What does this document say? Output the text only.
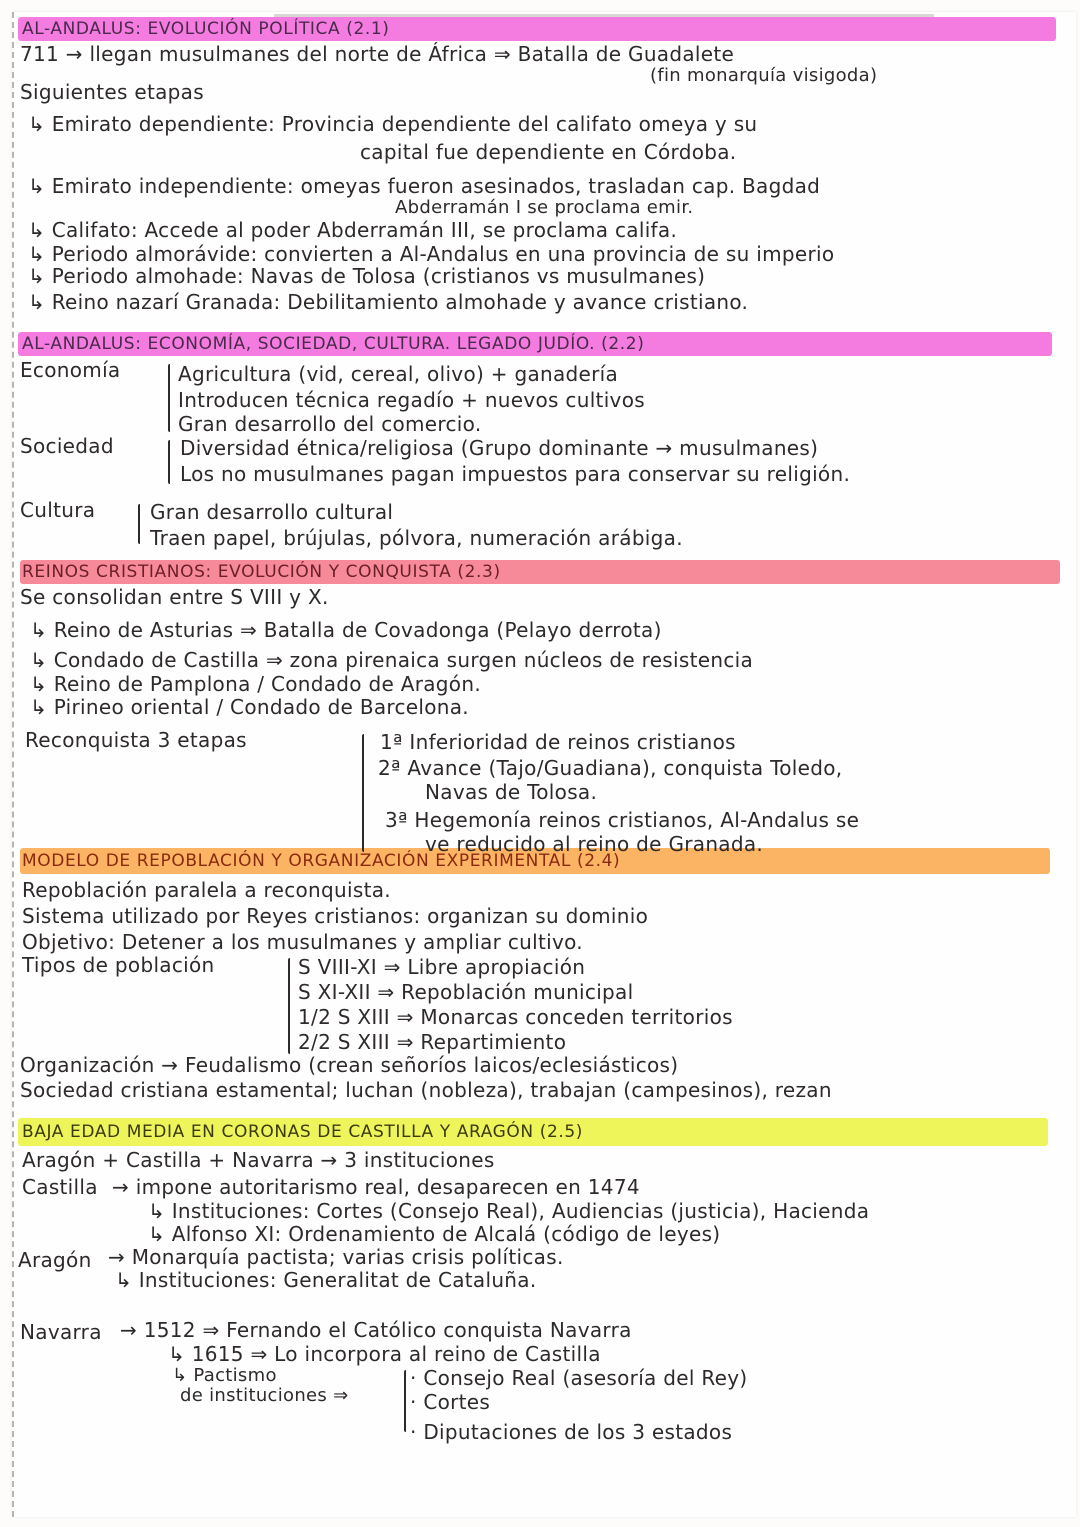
AL-ANDALUS: EVOLUCIÓN POLÍTICA (2.1)
711 → llegan musulmanes del norte de África ⇒ Batalla de Guadalete
(fin monarquía visigoda)
Siguientes etapas
↳ Emirato dependiente: Provincia dependiente del califato omeya y su
capital fue dependiente en Córdoba.
↳ Emirato independiente: omeyas fueron asesinados, trasladan cap. Bagdad
Abderramán I se proclama emir.
↳ Califato: Accede al poder Abderramán III, se proclama califa.
↳ Periodo almorávide: convierten a Al-Andalus en una provincia de su imperio
↳ Periodo almohade: Navas de Tolosa (cristianos vs musulmanes)
↳ Reino nazarí Granada: Debilitamiento almohade y avance cristiano.
AL-ANDALUS: ECONOMÍA, SOCIEDAD, CULTURA. LEGADO JUDÍO. (2.2)
Economía	Agricultura (vid, cereal, olivo) + ganadería
Introducen técnica regadío + nuevos cultivos
Gran desarrollo del comercio.
Sociedad	Diversidad étnica/religiosa (Grupo dominante → musulmanes)
Los no musulmanes pagan impuestos para conservar su religión.
Cultura	Gran desarrollo cultural
Traen papel, brújulas, pólvora, numeración arábiga.
REINOS CRISTIANOS: EVOLUCIÓN Y CONQUISTA (2.3)
Se consolidan entre S VIII y X.
↳ Reino de Asturias ⇒ Batalla de Covadonga (Pelayo derrota)
↳ Condado de Castilla ⇒ zona pirenaica surgen núcleos de resistencia
↳ Reino de Pamplona / Condado de Aragón.
↳ Pirineo oriental / Condado de Barcelona.
Reconquista 3 etapas	1ª Inferioridad de reinos cristianos
2ª Avance (Tajo/Guadiana), conquista Toledo,
Navas de Tolosa.
3ª Hegemonía reinos cristianos, Al-Andalus se
ve reducido al reino de Granada.
MODELO DE REPOBLACIÓN Y ORGANIZACIÓN EXPERIMENTAL (2.4)
Repoblación paralela a reconquista.
Sistema utilizado por Reyes cristianos: organizan su dominio
Objetivo: Detener a los musulmanes y ampliar cultivo.
Tipos de población	S VIII-XI ⇒ Libre apropiación
S XI-XII ⇒ Repoblación municipal
1/2 S XIII ⇒ Monarcas conceden territorios
2/2 S XIII ⇒ Repartimiento
Organización → Feudalismo (crean señoríos laicos/eclesiásticos)
Sociedad cristiana estamental; luchan (nobleza), trabajan (campesinos), rezan
BAJA EDAD MEDIA EN CORONAS DE CASTILLA Y ARAGÓN (2.5)
Aragón + Castilla + Navarra → 3 instituciones
Castilla → impone autoritarismo real, desaparecen en 1474
↳ Instituciones: Cortes (Consejo Real), Audiencias (justicia), Hacienda
↳ Alfonso XI: Ordenamiento de Alcalá (código de leyes)
Aragón → Monarquía pactista; varias crisis políticas.
↳ Instituciones: Generalitat de Cataluña.
Navarra → 1512 ⇒ Fernando el Católico conquista Navarra
↳ 1615 ⇒ Lo incorpora al reino de Castilla
↳ Pactismo
de instituciones ⇒
· Consejo Real (asesoría del Rey)
· Cortes
· Diputaciones de los 3 estados
